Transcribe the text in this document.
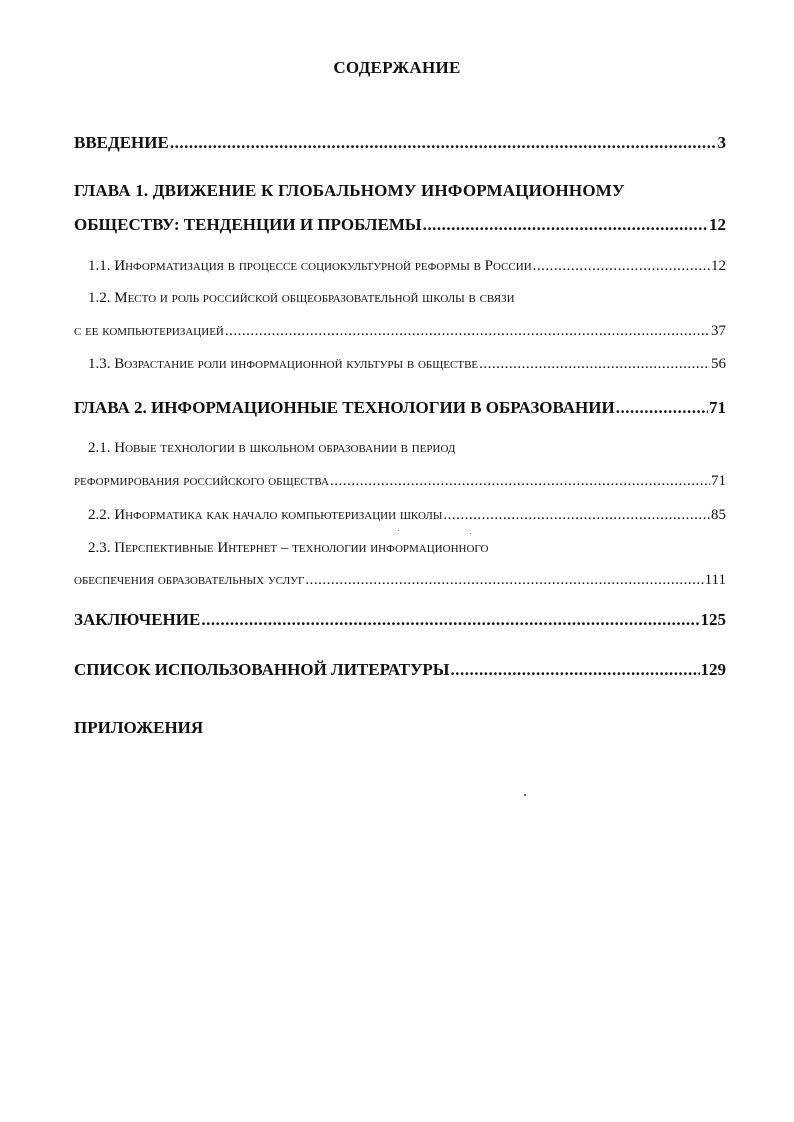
СОДЕРЖАНИЕ
ВВЕДЕНИЕ .....	3
ГЛАВА 1. ДВИЖЕНИЕ К ГЛОБАЛЬНОМУ ИНФОРМАЦИОННОМУ
ОБЩЕСТВУ: ТЕНДЕНЦИИ И ПРОБЛЕМЫ .....	12
1.1. Информатизация в процессе социокультурной реформы в России .....	12
1.2. Место и роль российской общеобразовательной школы в связи
с ее компьютеризацией .....	37
1.3. Возрастание роли информационной культуры в обществе .....	56
ГЛАВА 2. ИНФОРМАЦИОННЫЕ ТЕХНОЛОГИИ В ОБРАЗОВАНИИ .....	71
2.1. Новые технологии в школьном образовании в период
реформирования российского общества .....	71
2.2. Информатика как начало компьютеризации школы .....	85
2.3. Перспективные Интернет – технологии информационного
обеспечения образовательных услуг .....	111
ЗАКЛЮЧЕНИЕ .....	125
СПИСОК ИСПОЛЬЗОВАННОЙ ЛИТЕРАТУРЫ .....	129
ПРИЛОЖЕНИЯ
